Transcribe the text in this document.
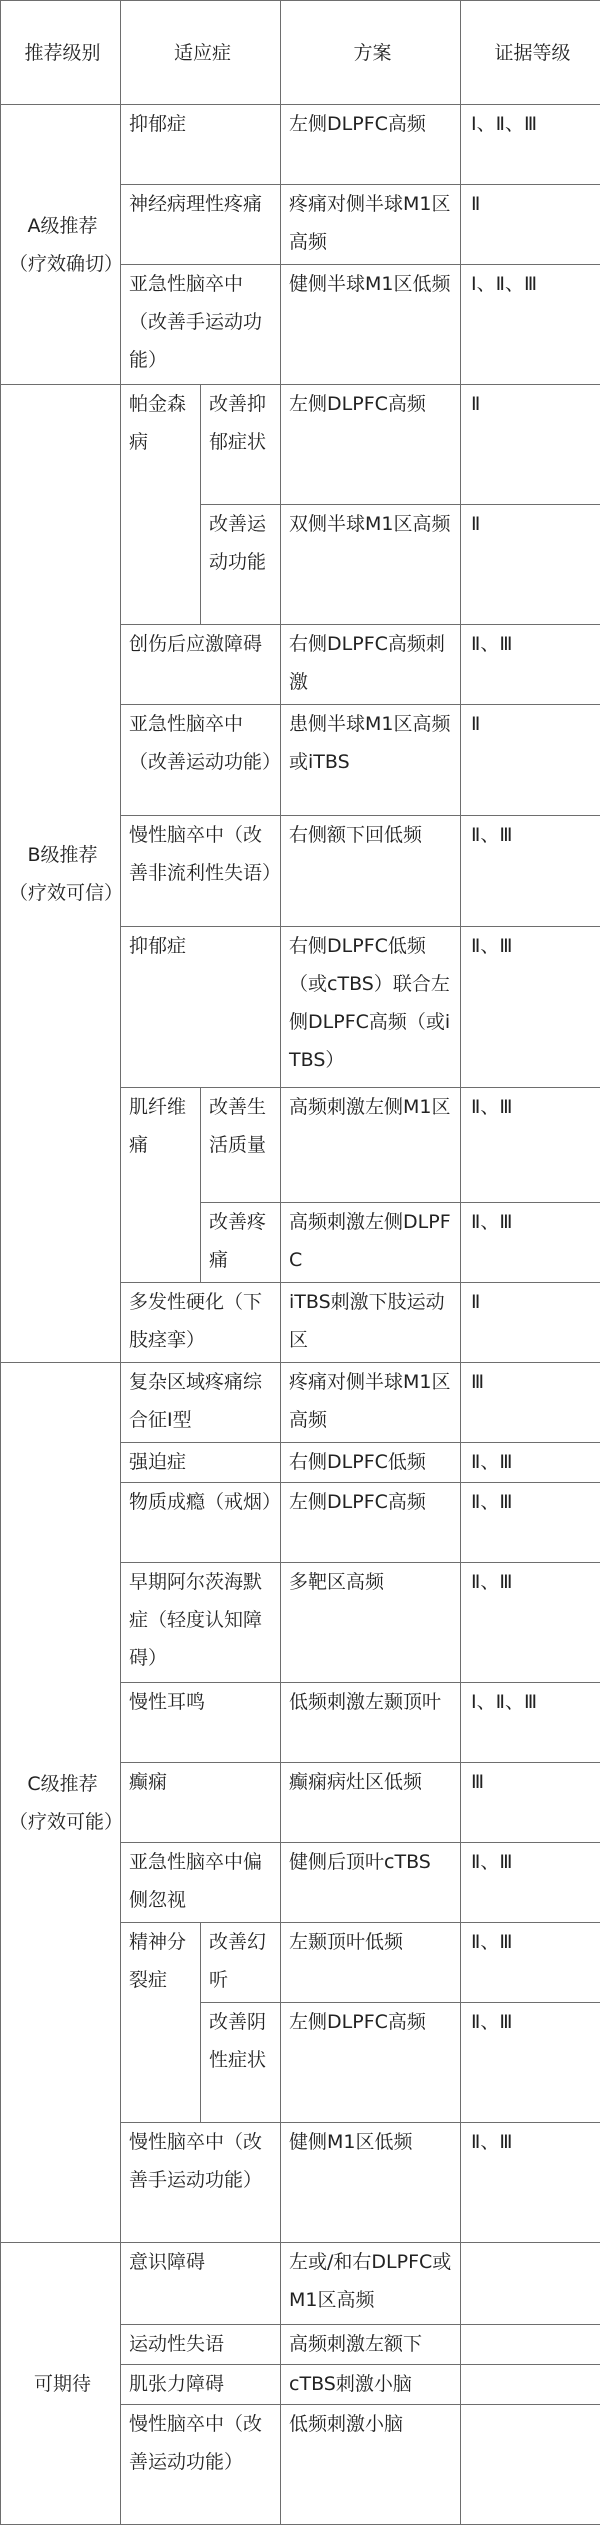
推荐级别	适应症		方案	证据等级
A级推荐（疗效确切）	抑郁症		左侧DLPFC高频	Ⅰ、Ⅱ、Ⅲ
	神经病理性疼痛		疼痛对侧半球M1区高频	Ⅱ
	亚急性脑卒中（改善手运动功能）		健侧半球M1区低频	Ⅰ、Ⅱ、Ⅲ
B级推荐（疗效可信）	帕金森病	改善抑郁症状	左侧DLPFC高频	Ⅱ
		改善运动功能	双侧半球M1区高频	Ⅱ
	创伤后应激障碍		右侧DLPFC高频刺激	Ⅱ、Ⅲ
	亚急性脑卒中（改善运动功能）		患侧半球M1区高频或iTBS	Ⅱ
	慢性脑卒中（改善非流利性失语）		右侧额下回低频	Ⅱ、Ⅲ
	抑郁症		右侧DLPFC低频（或cTBS）联合左侧DLPFC高频（或iTBS）	Ⅱ、Ⅲ
	肌纤维痛	改善生活质量	高频刺激左侧M1区	Ⅱ、Ⅲ
		改善疼痛	高频刺激左侧DLPFC	Ⅱ、Ⅲ
	多发性硬化（下肢痉挛）		iTBS刺激下肢运动区	Ⅱ
C级推荐（疗效可能）	复杂区域疼痛综合征I型		疼痛对侧半球M1区高频	Ⅲ
	强迫症		右侧DLPFC低频	Ⅱ、Ⅲ
	物质成瘾（戒烟）		左侧DLPFC高频	Ⅱ、Ⅲ
	早期阿尔茨海默症（轻度认知障碍）		多靶区高频	Ⅱ、Ⅲ
	慢性耳鸣		低频刺激左颞顶叶	Ⅰ、Ⅱ、Ⅲ
	癫痫		癫痫病灶区低频	Ⅲ
	亚急性脑卒中偏侧忽视		健侧后顶叶cTBS	Ⅱ、Ⅲ
	精神分裂症	改善幻听	左颞顶叶低频	Ⅱ、Ⅲ
		改善阴性症状	左侧DLPFC高频	Ⅱ、Ⅲ
	慢性脑卒中（改善手运动功能）		健侧M1区低频	Ⅱ、Ⅲ
可期待	意识障碍		左或/和右DLPFC或M1区高频	
	运动性失语		高频刺激左额下	
	肌张力障碍		cTBS刺激小脑	
	慢性脑卒中（改善运动功能）		低频刺激小脑	
